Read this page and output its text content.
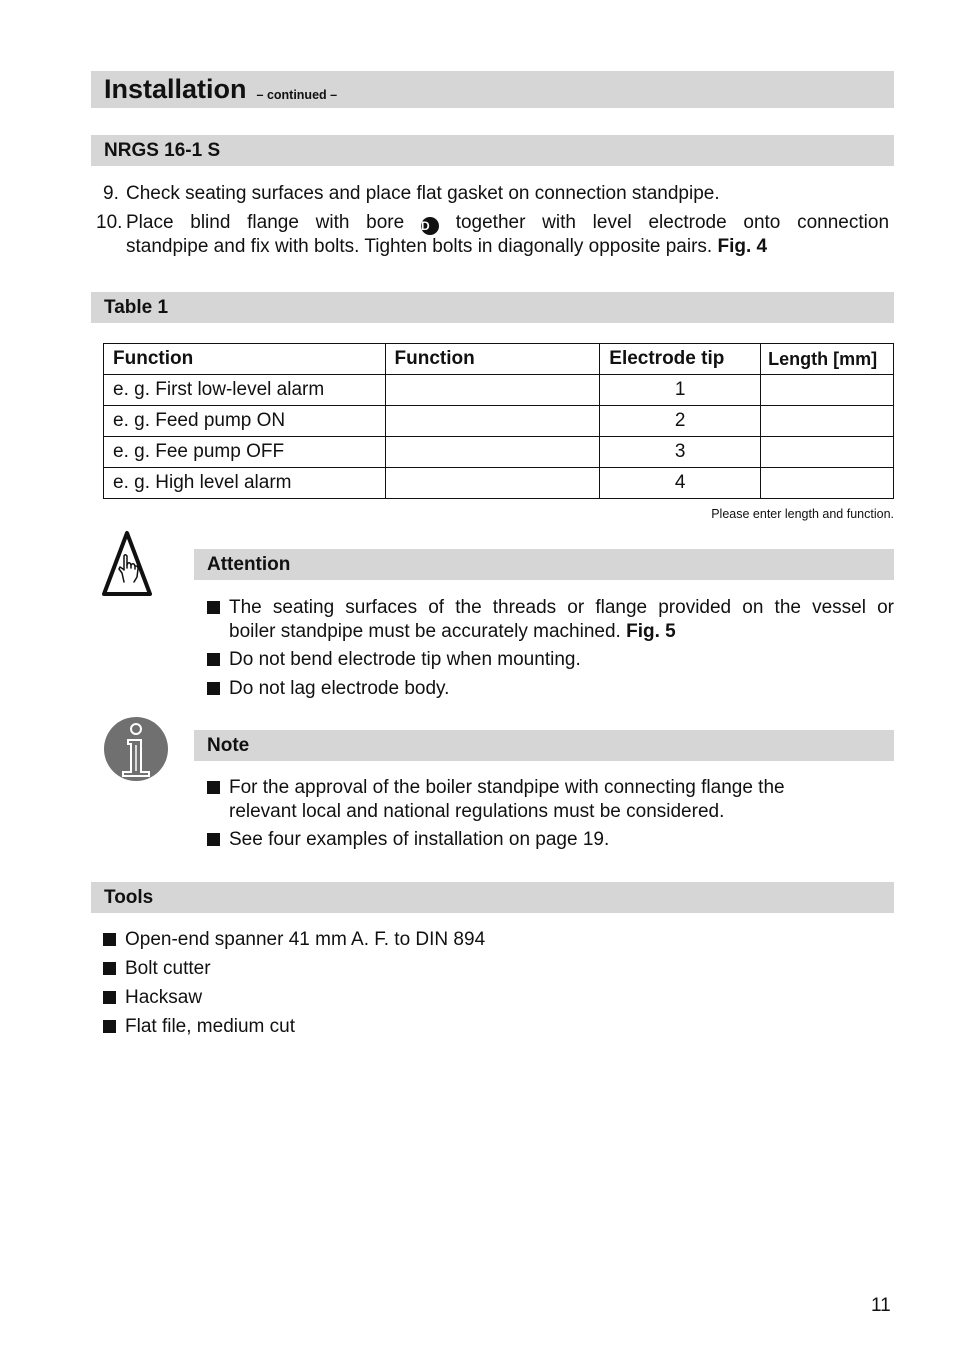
Installation – continued –
NRGS 16-1 S
9. Check seating surfaces and place flat gasket on connection standpipe.
10. Place blind flange with bore D together with level electrode onto connection
standpipe and fix with bolts. Tighten bolts in diagonally opposite pairs. Fig. 4
Table 1
Function	Function	Electrode tip	Length [mm]
e. g. First low-level alarm		1	
e. g. Feed pump ON		2	
e. g. Fee pump OFF		3	
e. g. High level alarm		4	
Please enter length and function.
Attention
The seating surfaces of the threads or flange provided on the vessel or
boiler standpipe must be accurately machined. Fig. 5
Do not bend electrode tip when mounting.
Do not lag electrode body.
Note
For the approval of the boiler standpipe with connecting flange the
relevant local and national regulations must be considered.
See four examples of installation on page 19.
Tools
Open-end spanner 41 mm A. F. to DIN 894
Bolt cutter
Hacksaw
Flat file, medium cut
11
